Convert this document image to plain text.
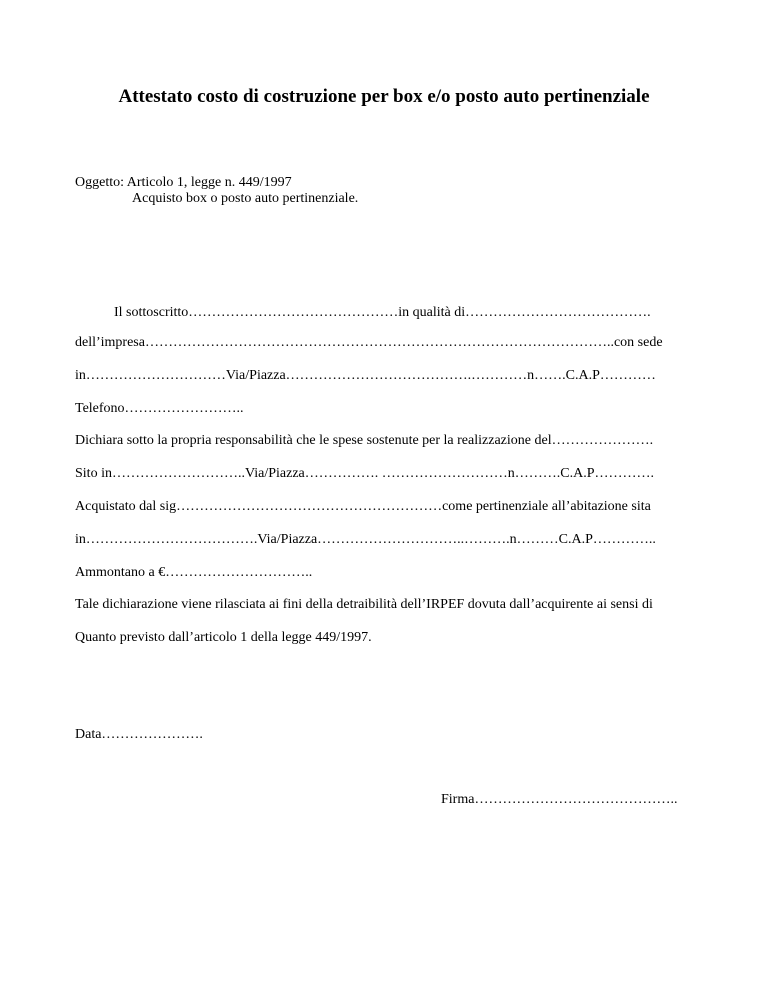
Attestato costo di costruzione per box e/o posto auto pertinenziale
Oggetto: Articolo 1, legge n. 449/1997
Acquisto box o posto auto pertinenziale.
Il sottoscritto………………………………………in qualità di………………………………….
dell’impresa………………………………………………………………………………………..con sede
in…………………………Via/Piazza………………………………….…………n…….C.A.P…………
Telefono……………………..
Dichiara sotto la propria responsabilità che le spese sostenute per la realizzazione del………………….
Sito in………………………..Via/Piazza……………. ………………………n……….C.A.P………….
Acquistato dal sig…………………………………………………come pertinenziale all’abitazione sita
in……………………………….Via/Piazza…………………………..……….n………C.A.P…………..
Ammontano a €…………………………..
Tale dichiarazione viene rilasciata ai fini della detraibilità dell’IRPEF dovuta dall’acquirente ai sensi di
Quanto previsto dall’articolo 1 della legge 449/1997.
Data………………….
Firma……………………………………..
